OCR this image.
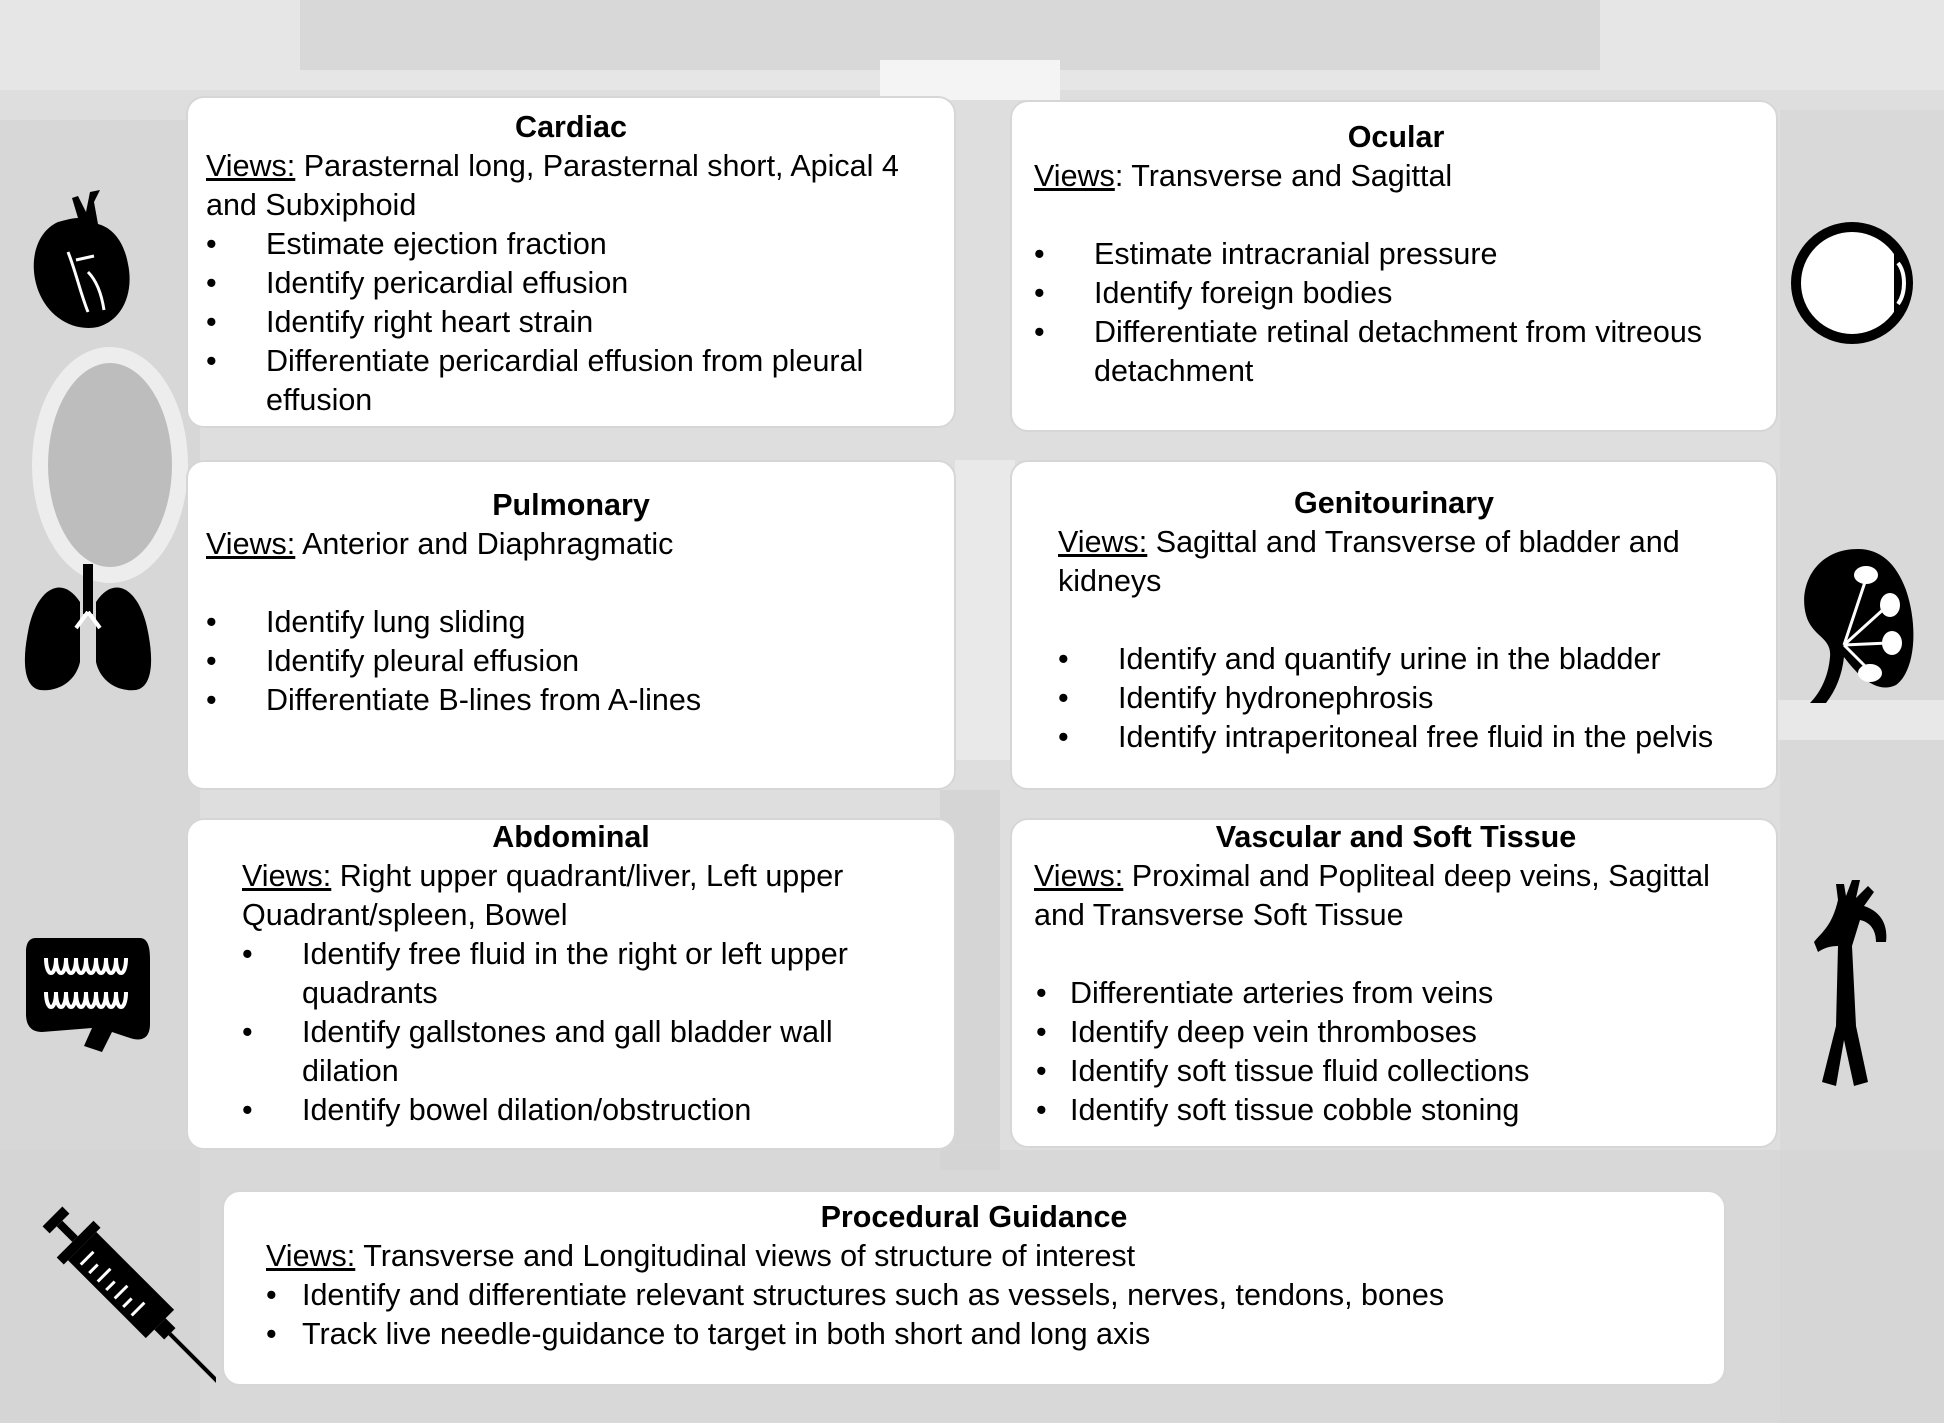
Cardiac
Views: Parasternal long, Parasternal short, Apical 4 and Subxiphoid
• Estimate ejection fraction
• Identify pericardial effusion
• Identify right heart strain
• Differentiate pericardial effusion from pleural effusion
Ocular
Views: Transverse and Sagittal
• Estimate intracranial pressure
• Identify foreign bodies
• Differentiate retinal detachment from vitreous detachment
Pulmonary
Views: Anterior and Diaphragmatic
• Identify lung sliding
• Identify pleural effusion
• Differentiate B-lines from A-lines
Genitourinary
Views: Sagittal and Transverse of bladder and kidneys
• Identify and quantify urine in the bladder
• Identify hydronephrosis
• Identify intraperitoneal free fluid in the pelvis
Abdominal
Views: Right upper quadrant/liver, Left upper Quadrant/spleen, Bowel
• Identify free fluid in the right or left upper quadrants
• Identify gallstones and gall bladder wall dilation
• Identify bowel dilation/obstruction
Vascular and Soft Tissue
Views: Proximal and Popliteal deep veins, Sagittal and Transverse Soft Tissue
• Differentiate arteries from veins
• Identify deep vein thromboses
• Identify soft tissue fluid collections
• Identify soft tissue cobble stoning
Procedural Guidance
Views: Transverse and Longitudinal views of structure of interest
• Identify and differentiate relevant structures such as vessels, nerves, tendons, bones
• Track live needle-guidance to target in both short and long axis
